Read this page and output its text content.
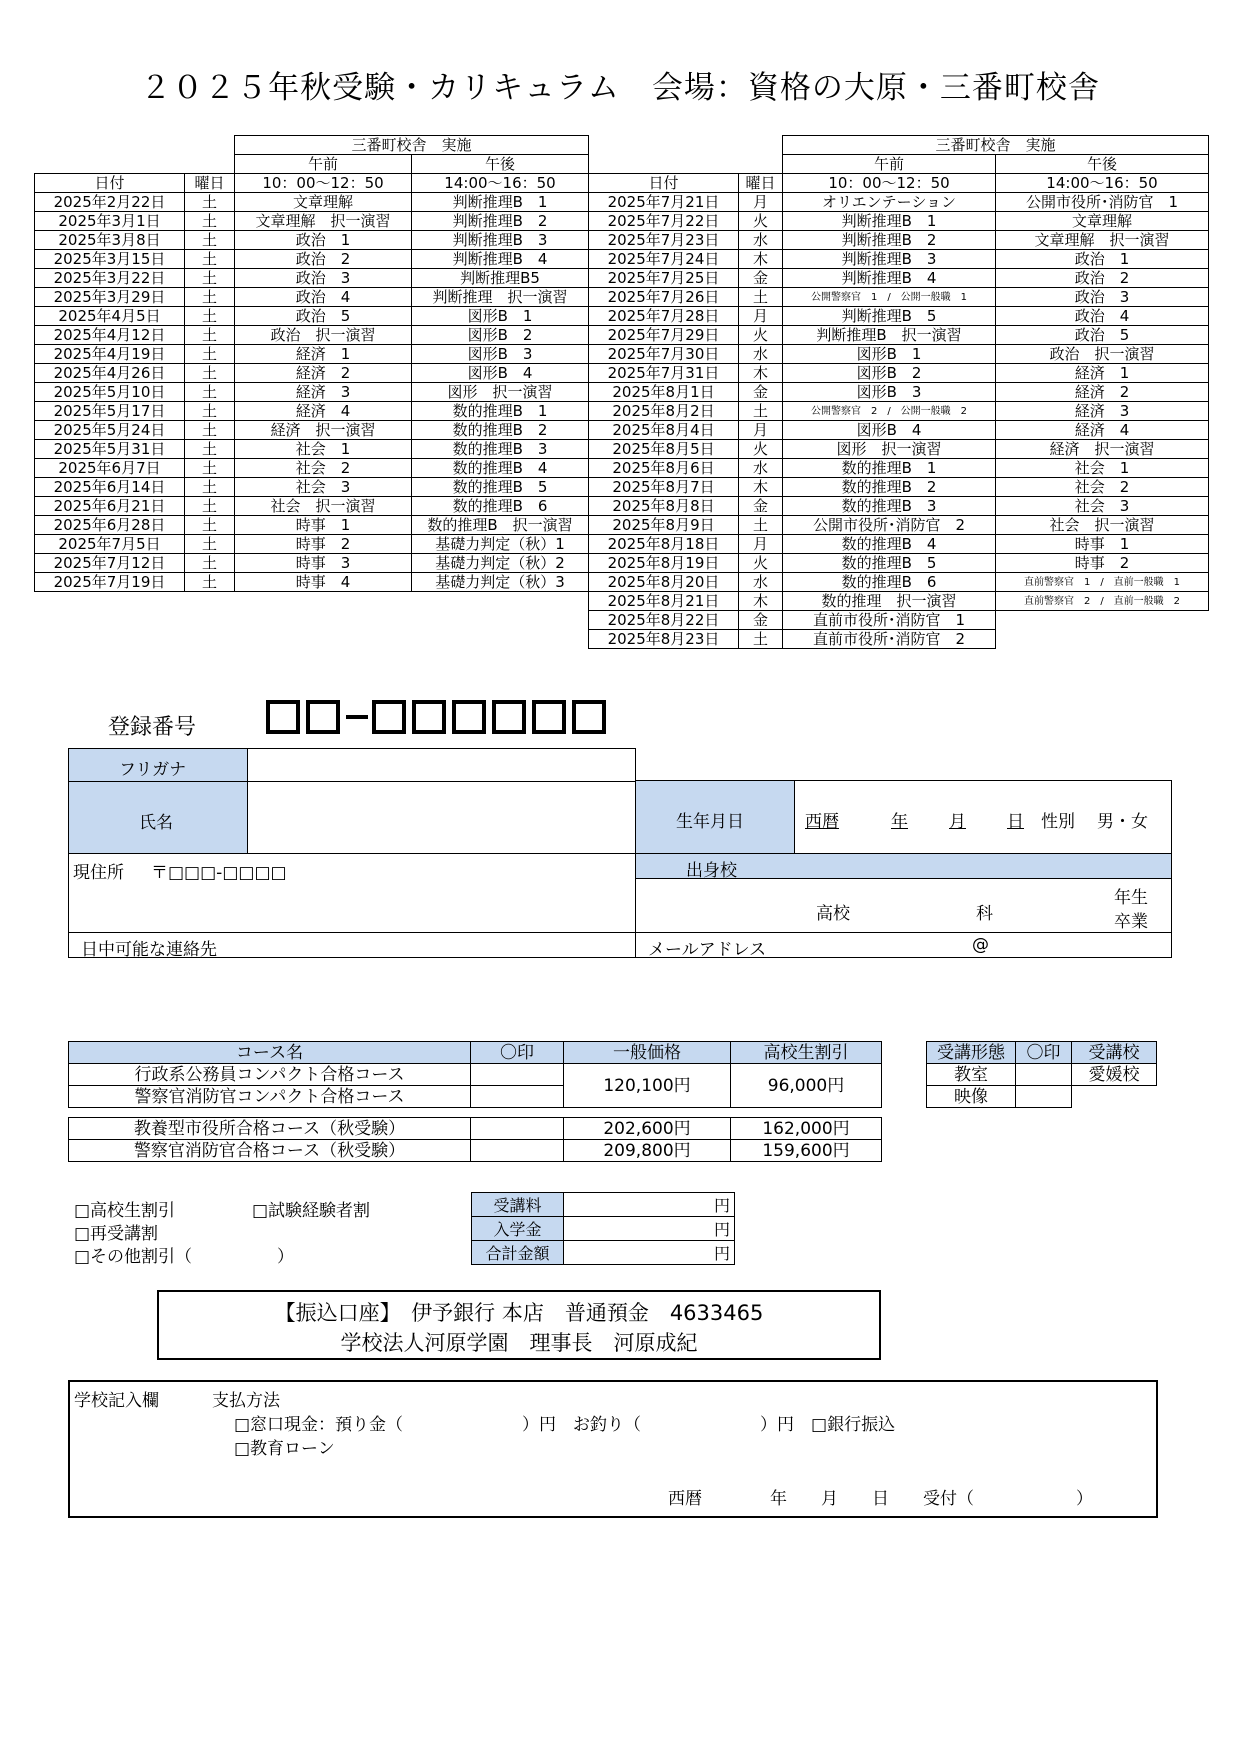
２０２５年秋受験・カリキュラム　会場：資格の大原・三番町校舎
		三番町校舎　実施	
		午前	午後
日付	曜日	10：00～12：50	14:00～16：50
2025年2月22日	土	文章理解	判断推理B　1
2025年3月1日	土	文章理解　択一演習	判断推理B　2
2025年3月8日	土	政治　1	判断推理B　3
2025年3月15日	土	政治　2	判断推理B　4
2025年3月22日	土	政治　3	判断推理B5
2025年3月29日	土	政治　4	判断推理　択一演習
2025年4月5日	土	政治　5	図形B　1
2025年4月12日	土	政治　択一演習	図形B　2
2025年4月19日	土	経済　1	図形B　3
2025年4月26日	土	経済　2	図形B　4
2025年5月10日	土	経済　3	図形　択一演習
2025年5月17日	土	経済　4	数的推理B　1
2025年5月24日	土	経済　択一演習	数的推理B　2
2025年5月31日	土	社会　1	数的推理B　3
2025年6月7日	土	社会　2	数的推理B　4
2025年6月14日	土	社会　3	数的推理B　5
2025年6月21日	土	社会　択一演習	数的推理B　6
2025年6月28日	土	時事　1	数的推理B　択一演習
2025年7月5日	土	時事　2	基礎力判定（秋）1
2025年7月12日	土	時事　3	基礎力判定（秋）2
2025年7月19日	土	時事　4	基礎力判定（秋）3
		三番町校舎　実施	
		午前	午後
日付	曜日	10：00～12：50	14:00～16：50
2025年7月21日	月	オリエンテーション	公開市役所･消防官　1
2025年7月22日	火	判断推理B　1	文章理解
2025年7月23日	水	判断推理B　2	文章理解　択一演習
2025年7月24日	木	判断推理B　3	政治　1
2025年7月25日	金	判断推理B　4	政治　2
2025年7月26日	土	公開警察官　1　/　公開一般職　1	政治　3
2025年7月28日	月	判断推理B　5	政治　4
2025年7月29日	火	判断推理B　択一演習	政治　5
2025年7月30日	水	図形B　1	政治　択一演習
2025年7月31日	木	図形B　2	経済　1
2025年8月1日	金	図形B　3	経済　2
2025年8月2日	土	公開警察官　2　/　公開一般職　2	経済　3
2025年8月4日	月	図形B　4	経済　4
2025年8月5日	火	図形　択一演習	経済　択一演習
2025年8月6日	水	数的推理B　1	社会　1
2025年8月7日	木	数的推理B　2	社会　2
2025年8月8日	金	数的推理B　3	社会　3
2025年8月9日	土	公開市役所･消防官　2	社会　択一演習
2025年8月18日	月	数的推理B　4	時事　1
2025年8月19日	火	数的推理B　5	時事　2
2025年8月20日	水	数的推理B　6	直前警察官　1　/　直前一般職　1
2025年8月21日	木	数的推理　択一演習	直前警察官　2　/　直前一般職　2
2025年8月22日	金	直前市役所･消防官　1	
2025年8月23日	土	直前市役所･消防官　2	
登録番号
フリガナ
氏名
現住所 〒□□□-□□□□
日中可能な連絡先
生年月日	西暦	年 月 日 性別 男・女
出身校
高校	科
年生
卒業
メールアドレス	@
コース名	〇印	一般価格	高校生割引
行政系公務員コンパクト合格コース		120,100円	96,000円
警察官消防官コンパクト合格コース			
教養型市役所合格コース（秋受験）		202,600円	162,000円
警察官消防官合格コース（秋受験）		209,800円	159,600円
受講形態	〇印	受講校
教室		愛媛校
映像		
□高校生割引	□試験経験者割
□再受講割
□その他割引（　　　　　）
受講料	円
入学金	円
合計金額	円
【振込口座】　伊予銀行 本店　普通預金　4633465
学校法人河原学園　理事長　河原成紀
学校記入欄	支払方法
□窓口現金：預り金（　　　　　　　）円　お釣り（　　　　　　　）円　□銀行振込
□教育ローン
西暦　　　　年　　月　　日　　受付（　　　　　　）
